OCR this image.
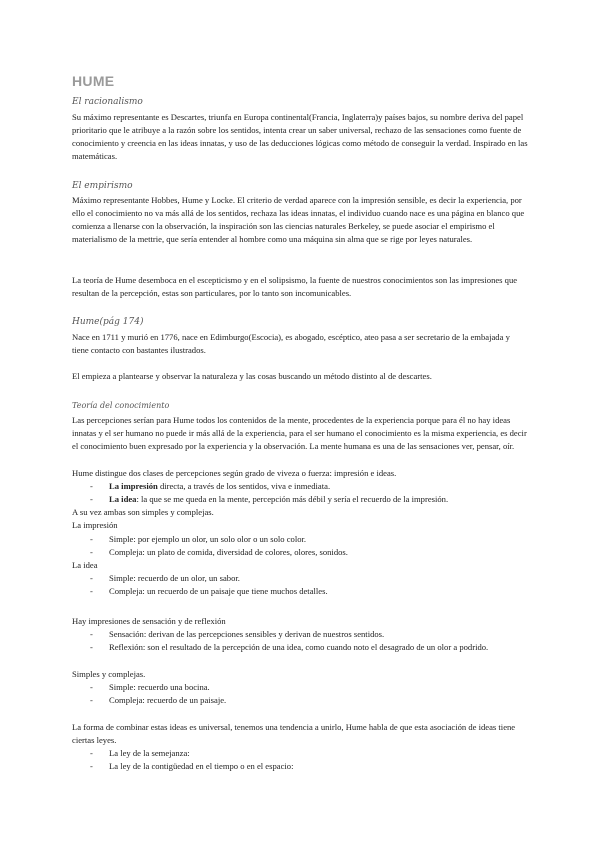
HUME
El racionalismo

Su máximo representante es Descartes, triunfa en Europa continental(Francia, Inglaterra)y países bajos, su nombre deriva del papel prioritario que le atribuye a la razón sobre los sentidos, intenta crear un saber universal, rechazo de las sensaciones como fuente de conocimiento y creencia en las ideas innatas, y uso de las deducciones lógicas como método de conseguir la verdad. Inspirado en las matemáticas.

El empirismo

Máximo representante Hobbes, Hume y Locke. El criterio de verdad aparece con la impresión sensible, es decir la experiencia, por ello el conocimiento no va más allá de los sentidos, rechaza las ideas innatas, el individuo cuando nace es una página en blanco que comienza a llenarse con la observación, la inspiración son las ciencias naturales Berkeley, se puede asociar el empirismo el materialismo de la mettrie, que sería entender al hombre como una máquina sin alma que se rige por leyes naturales.

La teoría de Hume desemboca en el escepticismo y en el solipsismo, la fuente de nuestros conocimientos son las impresiones que resultan de la percepción, estas son particulares, por lo tanto son incomunicables.

Hume(pág 174)

Nace en 1711 y murió en 1776, nace en Edimburgo(Escocia), es abogado, escéptico, ateo pasa a ser secretario de la embajada y tiene contacto con bastantes ilustrados.

El empieza a plantearse y observar la naturaleza y las cosas buscando un método distinto al de descartes.

Teoría del conocimiento

Las percepciones serían para Hume todos los contenidos de la mente, procedentes de la experiencia porque para él no hay ideas innatas y el ser humano no puede ir más allá de la experiencia, para el ser humano el conocimiento es la misma experiencia, es decir el conocimiento buen expresado por la experiencia y la observación. La mente humana es una de las sensaciones ver, pensar, oír.

Hume distingue dos clases de percepciones según grado de viveza o fuerza: impresión e ideas.
- La impresión directa, a través de los sentidos, viva e inmediata.
- La idea: la que se me queda en la mente, percepción más débil y sería el recuerdo de la impresión.
A su vez ambas son simples y complejas.
La impresión
- Simple: por ejemplo un olor, un solo olor o un solo color.
- Compleja: un plato de comida, diversidad de colores, olores, sonidos.
La idea
- Simple: recuerdo de un olor, un sabor.
- Compleja: un recuerdo de un paisaje que tiene muchos detalles.
Hay impresiones de sensación y de reflexión
- Sensación: derivan de las percepciones sensibles y derivan de nuestros sentidos.
- Reflexión: son el resultado de la percepción de una idea, como cuando noto el desagrado de un olor a podrido.
Simples y complejas.
- Simple: recuerdo una bocina.
- Compleja: recuerdo de un paisaje.

La forma de combinar estas ideas es universal, tenemos una tendencia a unirlo, Hume habla de que esta asociación de ideas tiene ciertas leyes.

- La ley de la semejanza:
- La ley de la contigüedad en el tiempo o en el espacio:
